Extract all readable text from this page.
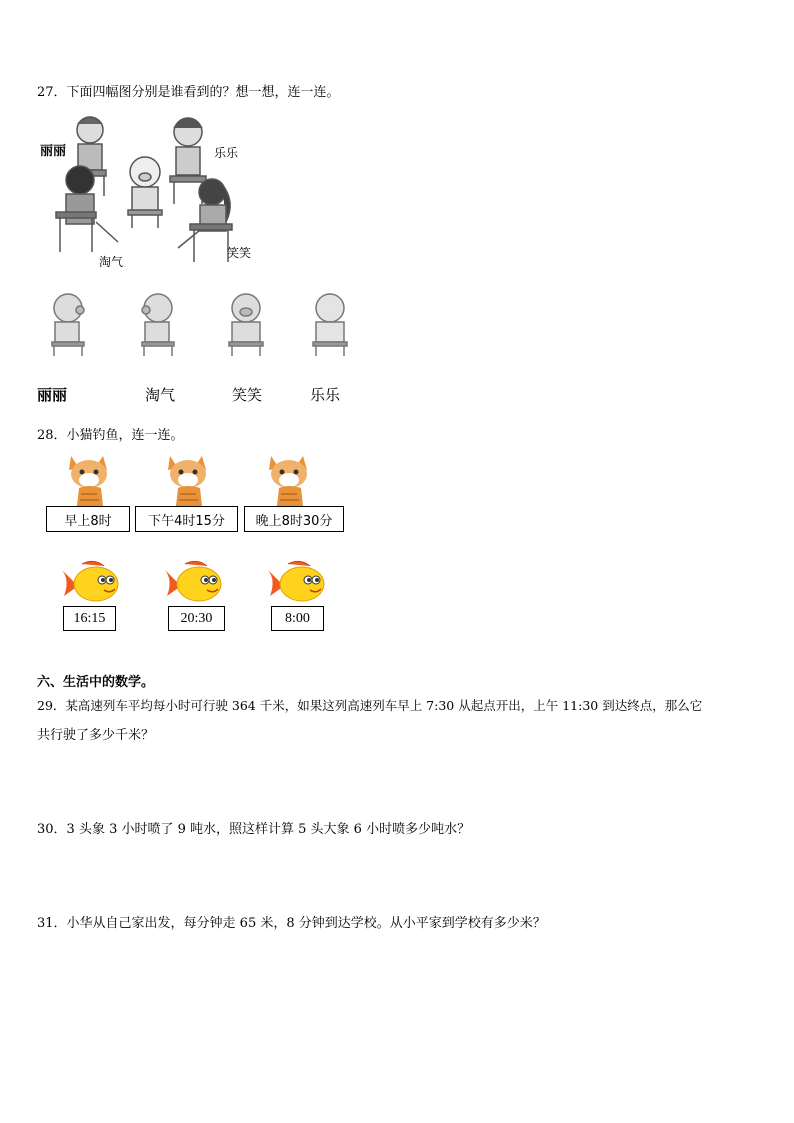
27．下面四幅图分别是谁看到的？想一想，连一连。
丽丽	乐乐
淘气
笑笑
丽丽	淘气	笑笑	乐乐
28．小猫钓鱼，连一连。
早上8时	下午4时15分	晚上8时30分
16:15	20:30	8:00
六、生活中的数学。
29．某高速列车平均每小时可行驶 364 千米，如果这列高速列车早上 7:30 从起点开出，上午 11:30 到达终点，那么它
共行驶了多少千米？
30．3 头象 3 小时喷了 9 吨水，照这样计算 5 头大象 6 小时喷多少吨水？
31．小华从自己家出发，每分钟走 65 米，8 分钟到达学校。从小平家到学校有多少米？
